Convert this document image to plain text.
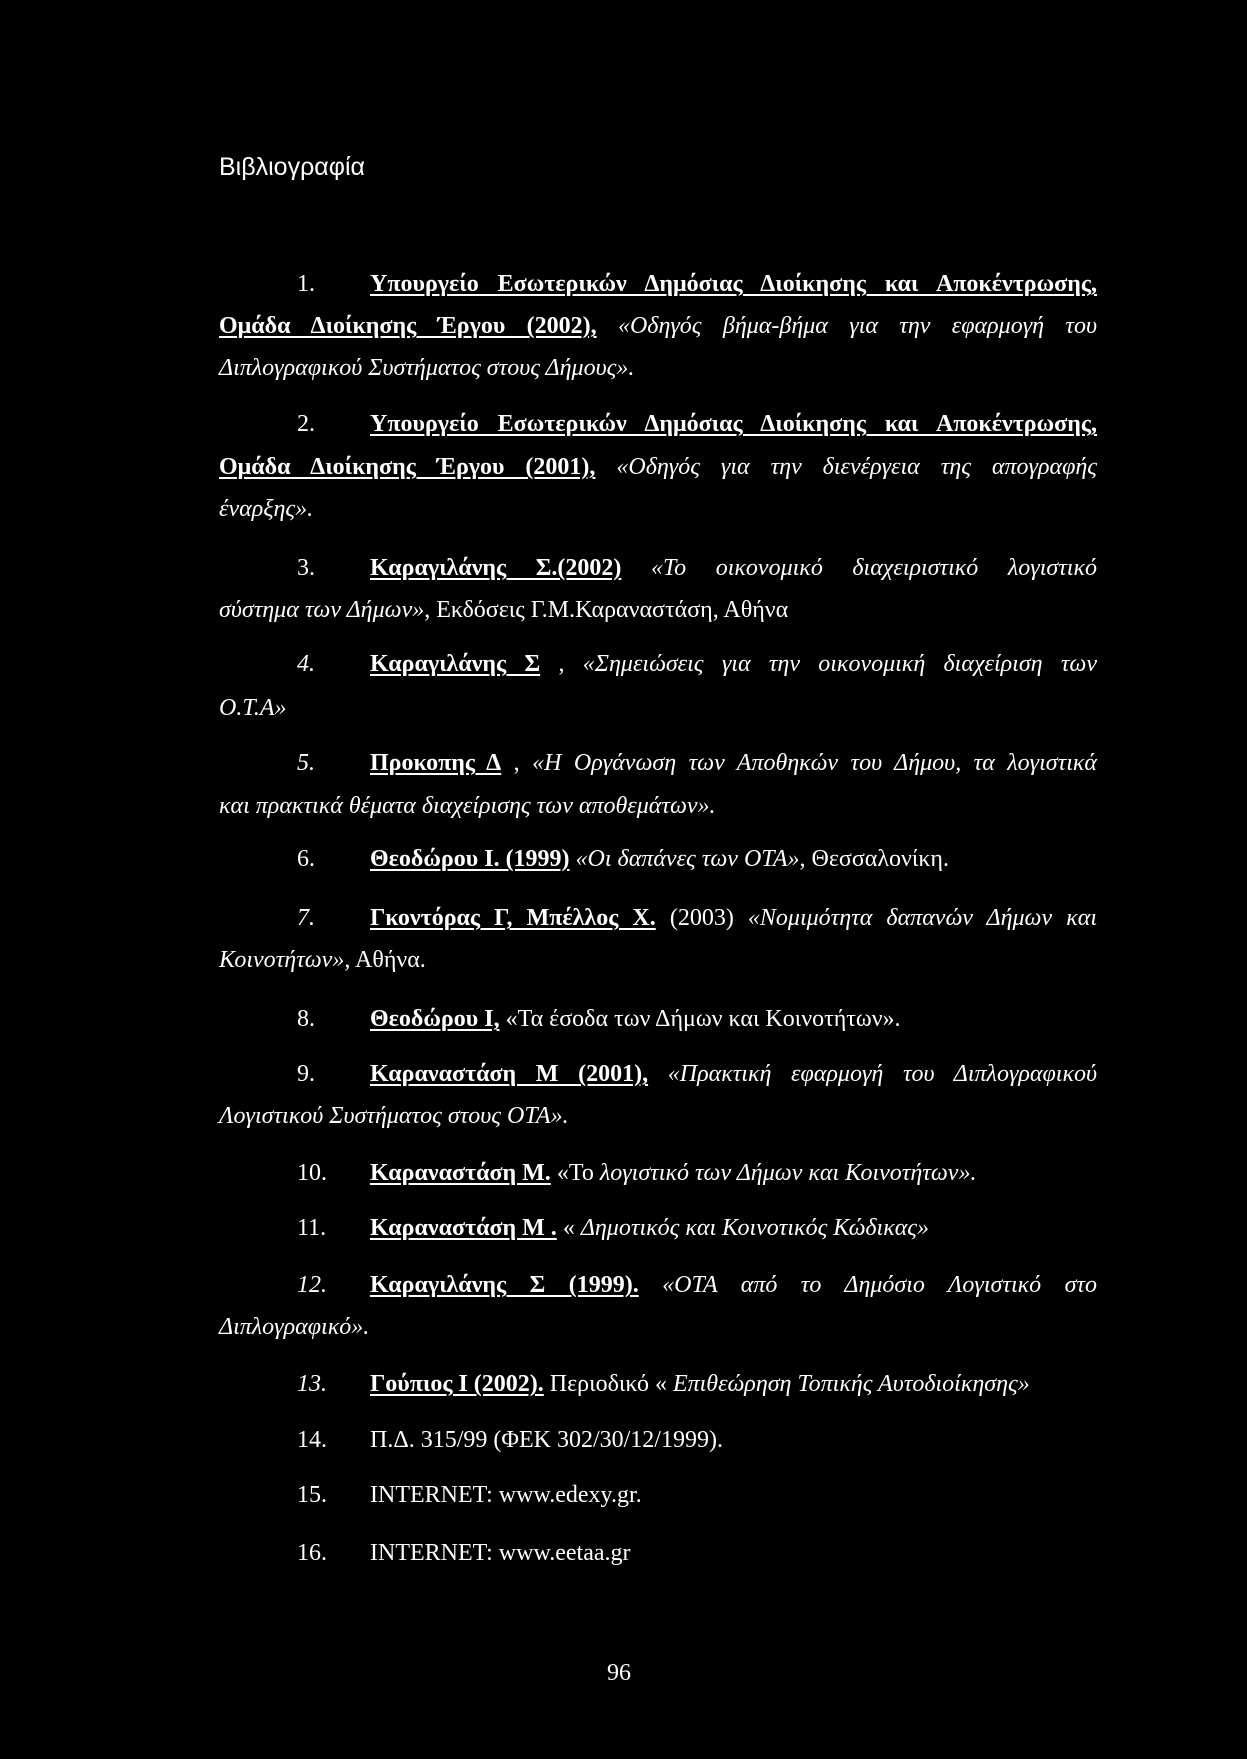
Βιβλιογραφία
1. Υπουργείο Εσωτερικών Δημόσιας Διοίκησης και Αποκέντρωσης,
Ομάδα Διοίκησης Έργου (2002), «Οδηγός βήμα-βήμα για την εφαρμογή του
Διπλογραφικού Συστήματος στους Δήμους».
2. Υπουργείο Εσωτερικών Δημόσιας Διοίκησης και Αποκέντρωσης,
Ομάδα Διοίκησης Έργου (2001), «Οδηγός για την διενέργεια της απογραφής
έναρξης».
3. Καραγιλάνης Σ.(2002) «Το οικονομικό διαχειριστικό λογιστικό
σύστημα των Δήμων», Εκδόσεις Γ.Μ.Καραναστάση, Αθήνα
4. Καραγιλάνης Σ , «Σημειώσεις για την οικονομική διαχείριση των
Ο.Τ.Α»
5. Προκοπης Δ , «Η Οργάνωση των Αποθηκών του Δήμου, τα λογιστικά
και πρακτικά θέματα διαχείρισης των αποθεμάτων».
6. Θεοδώρου Ι. (1999) «Οι δαπάνες των ΟΤΑ», Θεσσαλονίκη.
7. Γκοντόρας Γ, Μπέλλος Χ. (2003) «Νομιμότητα δαπανών Δήμων και
Κοινοτήτων», Αθήνα.
8. Θεοδώρου Ι, «Τα έσοδα των Δήμων και Κοινοτήτων».
9. Καραναστάση Μ (2001), «Πρακτική εφαρμογή του Διπλογραφικού
Λογιστικού Συστήματος στους ΟΤΑ».
10. Καραναστάση Μ. «Το λογιστικό των Δήμων και Κοινοτήτων».
11. Καραναστάση Μ . « Δημοτικός και Κοινοτικός Κώδικας»
12. Καραγιλάνης Σ (1999). «ΟΤΑ από το Δημόσιο Λογιστικό στο
Διπλογραφικό».
13. Γούπιος Ι (2002). Περιοδικό « Επιθεώρηση Τοπικής Αυτοδιοίκησης»
14. Π.Δ. 315/99 (ΦΕΚ 302/30/12/1999).
15. INTERNET: www.edexy.gr.
16. INTERNET: www.eetaa.gr
96
